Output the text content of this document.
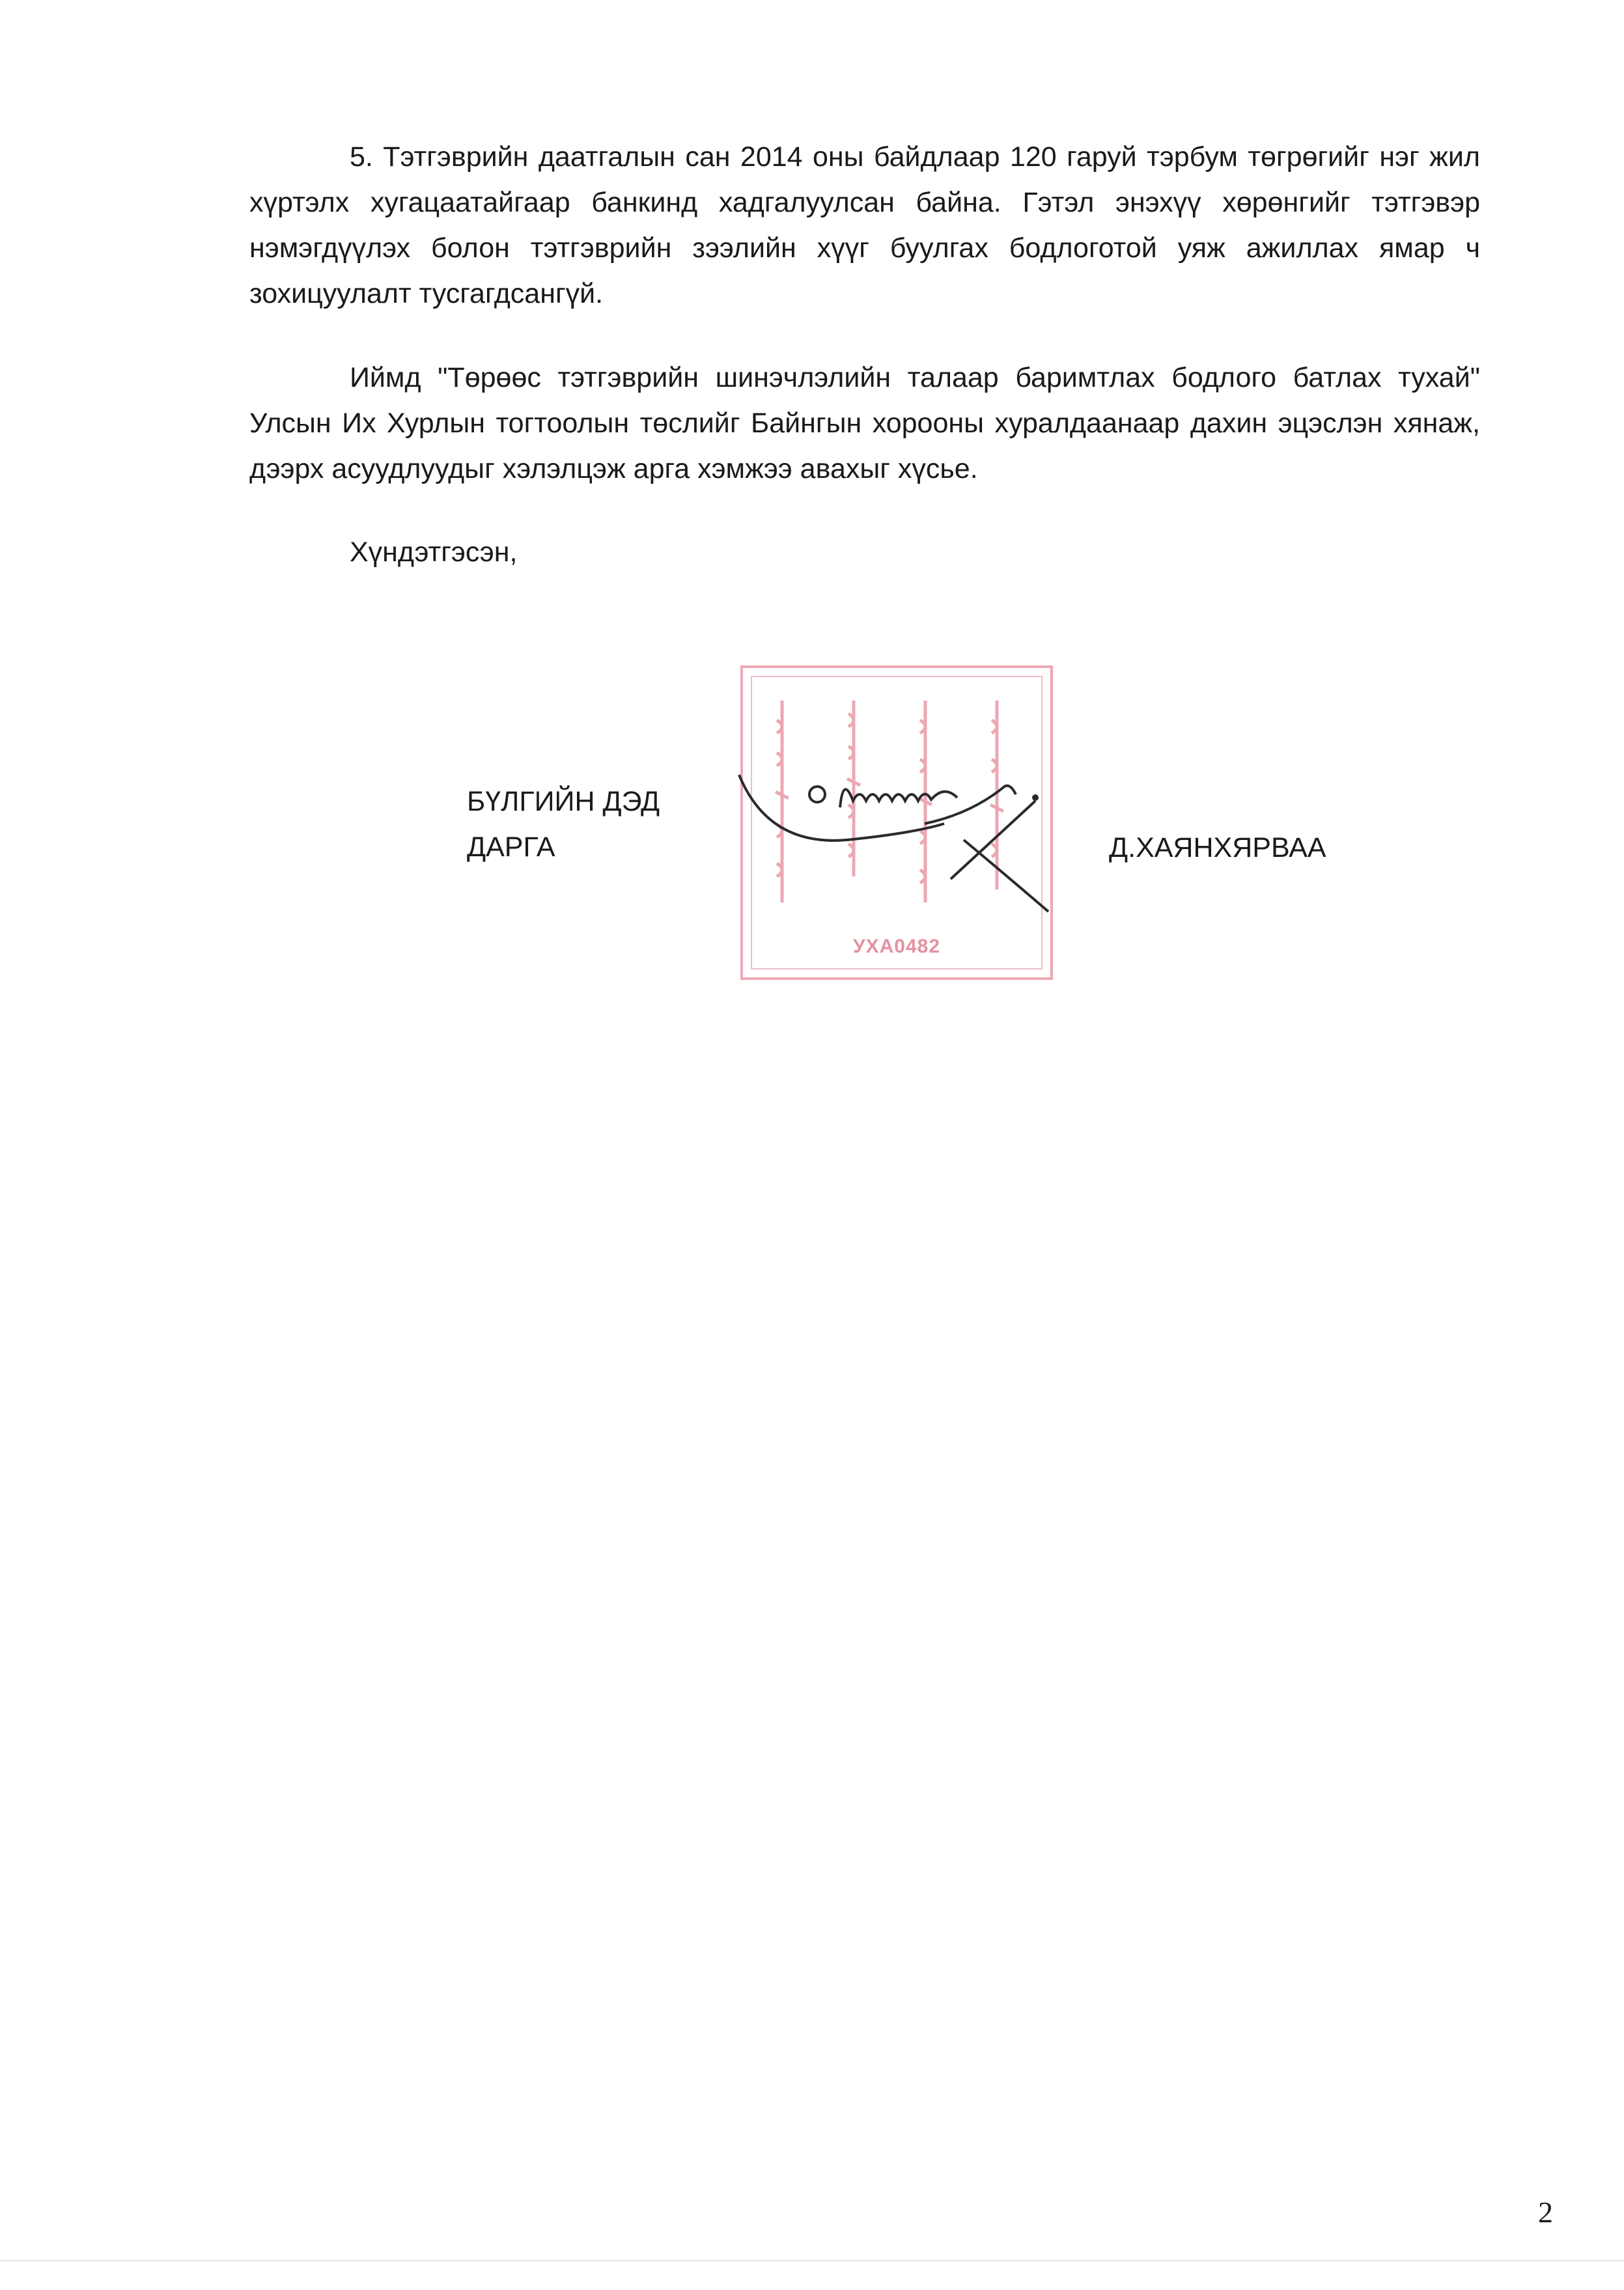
5. Тэтгэврийн даатгалын сан 2014 оны байдлаар 120 гаруй тэрбум төгрөгийг нэг жил хүртэлх хугацаатайгаар банкинд хадгалуулсан байна. Гэтэл энэхүү хөрөнгийг тэтгэвэр нэмэгдүүлэх болон тэтгэврийн зээлийн хүүг буулгах бодлоготой уяж ажиллах ямар ч зохицуулалт тусгагдсангүй.

Иймд "Төрөөс тэтгэврийн шинэчлэлийн талаар баримтлах бодлого батлах тухай" Улсын Их Хурлын тогтоолын төслийг Байнгын хорооны хуралдаанаар дахин эцэслэн хянаж, дээрх асуудлуудыг хэлэлцэж арга хэмжээ авахыг хүсье.

Хүндэтгэсэн,

БҮЛГИЙН ДЭД
ДАРГА
УХА0482
Д.ХАЯНХЯРВАА
2
